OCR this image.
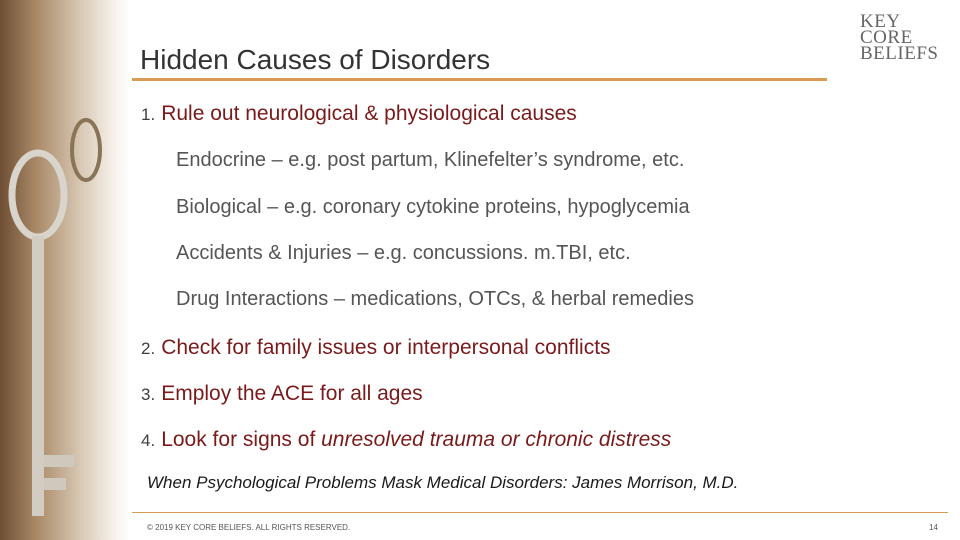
Hidden Causes of Disorders
KEY
CORE
BELIEFS
1. Rule out neurological & physiological causes
Endocrine – e.g. post partum, Klinefelter’s syndrome, etc.
Biological – e.g. coronary cytokine proteins, hypoglycemia
Accidents & Injuries – e.g. concussions. m.TBI, etc.
Drug Interactions – medications, OTCs, & herbal remedies
2. Check for family issues or interpersonal conflicts
3. Employ the ACE for all ages
4. Look for signs of unresolved trauma or chronic distress
When Psychological Problems Mask Medical Disorders: James Morrison, M.D.
© 2019 KEY CORE BELIEFS. ALL RIGHTS RESERVED.	14
